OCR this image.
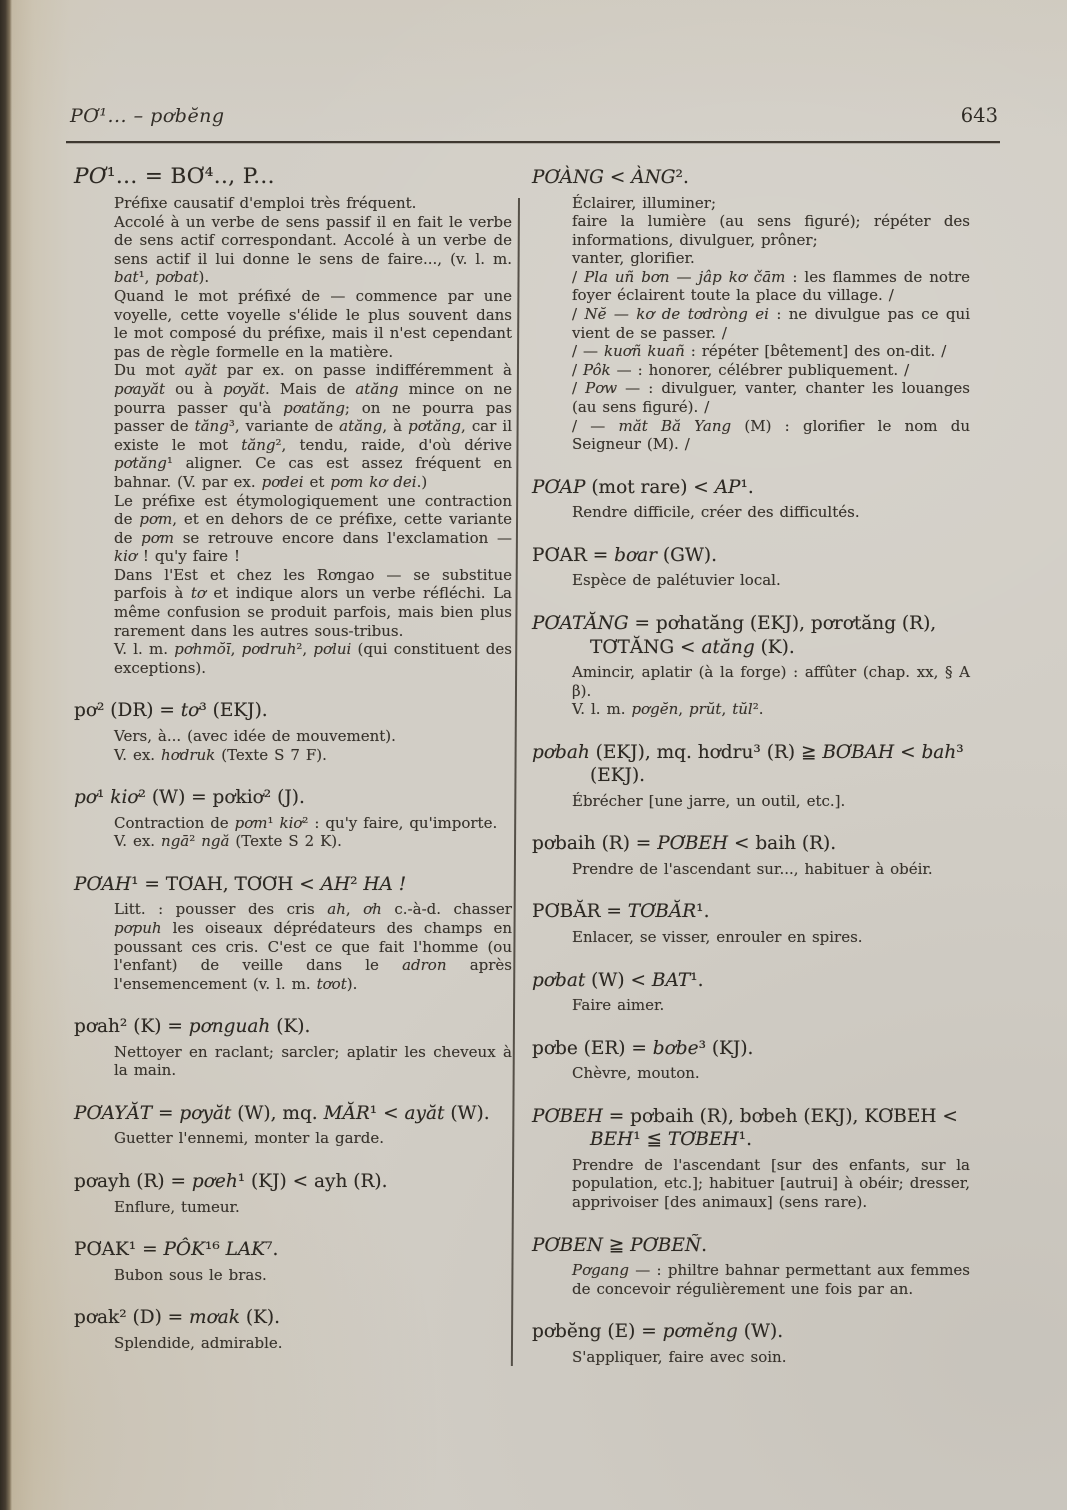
PƠ¹... – pơbĕng	643
PƠ¹... = BƠ⁴.., P...

Préfixe causatif d'emploi très fréquent.

Accolé à un verbe de sens passif il en fait le verbe de sens actif correspondant. Accolé à un verbe de sens actif il lui donne le sens de faire..., (v. l. m. bat¹, pơbat).

Quand le mot préfixé de — commence par une voyelle, cette voyelle s'élide le plus souvent dans le mot composé du préfixe, mais il n'est cependant pas de règle formelle en la matière.

Du mot ayăt par ex. on passe indifféremment à pơayăt ou à pơyăt. Mais de atăng mince on ne pourra passer qu'à pơatăng; on ne pourra pas passer de tăng³, variante de atăng, à pơtăng, car il existe le mot tăng², tendu, raide, d'où dérive pơtăng¹ aligner. Ce cas est assez fréquent en bahnar. (V. par ex. pơdei et pơm kơ dei.)

Le préfixe est étymologiquement une contraction de pơm, et en dehors de ce préfixe, cette variante de pơm se retrouve encore dans l'exclamation — kiơ ! qu'y faire !

Dans l'Est et chez les Rơngao — se substitue parfois à tơ et indique alors un verbe réfléchi. La même confusion se produit parfois, mais bien plus rarement dans les autres sous-tribus.

V. l. m. pơhmŏī, pơdruh², pơlui (qui constituent des exceptions).

pơ² (DR) = tơ³ (EKJ).

Vers, à... (avec idée de mouvement).

V. ex. hơdruk (Texte S 7 F).

pơ¹ kiơ² (W) = pơkiơ² (J).

Contraction de pơm¹ kiơ² : qu'y faire, qu'importe.

V. ex. ngā² ngă (Texte S 2 K).

PƠAH¹ = TƠAH, TƠƠH < AH² HA !

Litt. : pousser des cris ah, ơh c.-à-d. chasser pơpuh les oiseaux déprédateurs des champs en poussant ces cris. C'est ce que fait l'homme (ou l'enfant) de veille dans le adron après l'ensemencement (v. l. m. tơot).

pơah² (K) = pơnguah (K).

Nettoyer en raclant; sarcler; aplatir les cheveux à la main.

PƠAYĂT = pơyăt (W), mq. MĂR¹ < ayăt (W).

Guetter l'ennemi, monter la garde.

pơayh (R) = pơeh¹ (KJ) < ayh (R).

Enflure, tumeur.

PƠAK¹ = PÔK¹⁶ LAK⁷.

Bubon sous le bras.

pơak² (D) = mơak (K).

Splendide, admirable.

PƠÀNG < ÀNG².

Éclairer, illuminer;

faire la lumière (au sens figuré); répéter des informations, divulguer, prôner;

vanter, glorifier.

/ Pla uñ bơn — jâp kơ čām : les flammes de notre foyer éclairent toute la place du village. /

/ Nĕ — kơ de tơdròng ei : ne divulgue pas ce qui vient de se passer. /

/ — kuơñ kuañ : répéter [bêtement] des on-dit. /

/ Pôk — : honorer, célébrer publiquement. /

/ Pơw — : divulguer, vanter, chanter les louanges (au sens figuré). /

/ — măt Bă Yang (M) : glorifier le nom du Seigneur (M). /

PƠAP (mot rare) < AP¹.

Rendre difficile, créer des difficultés.

PƠAR = bơar (GW).

Espèce de palétuvier local.

PƠATĂNG = pơhatăng (EKJ), pơrơtăng (R), TƠTĂNG < atăng (K).

Amincir, aplatir (à la forge) : affûter (chap. xx, § A β).

V. l. m. pơgĕn, prŭt, tŭl².

pơbah (EKJ), mq. hơdru³ (R) ≧ BƠBAH < bah³ (EKJ).

Ébrécher [une jarre, un outil, etc.].

pơbaih (R) = PƠBEH < baih (R).

Prendre de l'ascendant sur..., habituer à obéir.

PƠBĂR = TƠBĂR¹.

Enlacer, se visser, enrouler en spires.

pơbat (W) < BAT¹.

Faire aimer.

pơbe (ER) = bơbe³ (KJ).

Chèvre, mouton.

PƠBEH = pơbaih (R), bơbeh (EKJ), KƠBEH < BEH¹ ≦ TƠBEH¹.

Prendre de l'ascendant [sur des enfants, sur la population, etc.]; habituer [autrui] à obéir; dresser, apprivoiser [des animaux] (sens rare).

PƠBEN ≧ PƠBEÑ.

Pơgang — : philtre bahnar permettant aux femmes de concevoir régulièrement une fois par an.

pơbĕng (E) = pơmĕng (W).

S'appliquer, faire avec soin.
